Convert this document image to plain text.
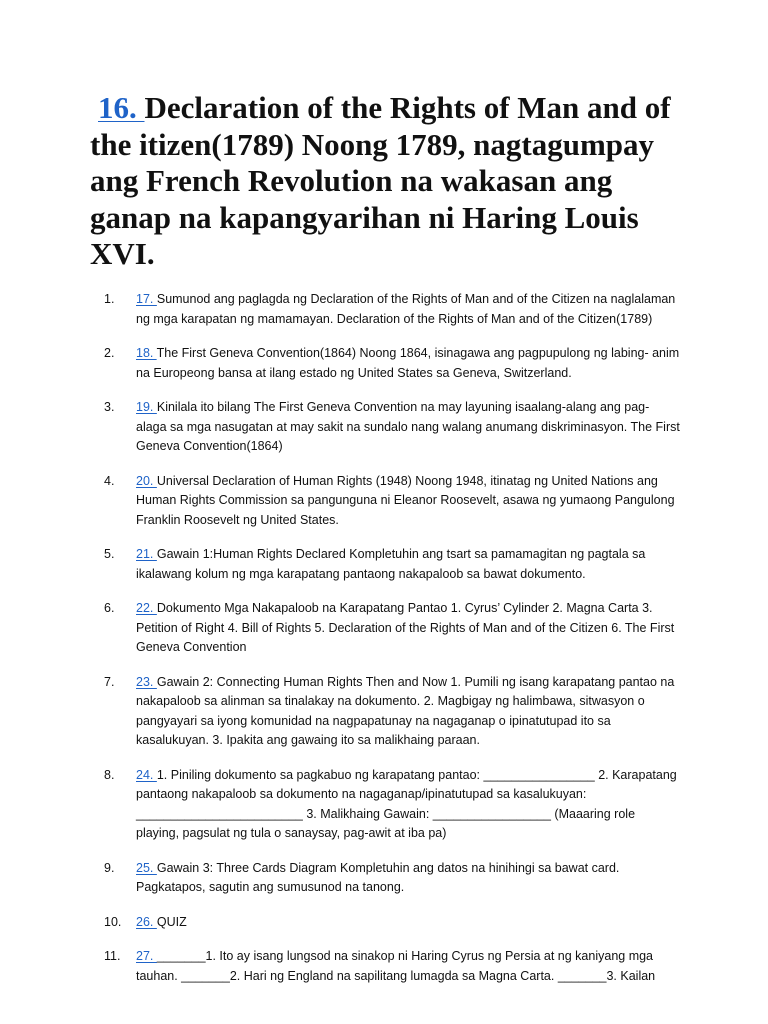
16. Declaration of the Rights of Man and of the itizen(1789) Noong 1789, nagtagumpay ang French Revolution na wakasan ang ganap na kapangyarihan ni Haring Louis XVI.
1. 17. Sumunod ang paglagda ng Declaration of the Rights of Man and of the Citizen na naglalaman ng mga karapatan ng mamamayan. Declaration of the Rights of Man and of the Citizen(1789)
2. 18. The First Geneva Convention(1864) Noong 1864, isinagawa ang pagpupulong ng labing- anim na Europeong bansa at ilang estado ng United States sa Geneva, Switzerland.
3. 19. Kinilala ito bilang The First Geneva Convention na may layuning isaalang-alang ang pag- alaga sa mga nasugatan at may sakit na sundalo nang walang anumang diskriminasyon. The First Geneva Convention(1864)
4. 20. Universal Declaration of Human Rights (1948) Noong 1948, itinatag ng United Nations ang Human Rights Commission sa pangunguna ni Eleanor Roosevelt, asawa ng yumaong Pangulong Franklin Roosevelt ng United States.
5. 21. Gawain 1:Human Rights Declared Kompletuhin ang tsart sa pamamagitan ng pagtala sa ikalawang kolum ng mga karapatang pantaong nakapaloob sa bawat dokumento.
6. 22. Dokumento Mga Nakapaloob na Karapatang Pantao 1. Cyrus’ Cylinder 2. Magna Carta 3. Petition of Right 4. Bill of Rights 5. Declaration of the Rights of Man and of the Citizen 6. The First Geneva Convention
7. 23. Gawain 2: Connecting Human Rights Then and Now 1. Pumili ng isang karapatang pantao na nakapaloob sa alinman sa tinalakay na dokumento. 2. Magbigay ng halimbawa, sitwasyon o pangyayari sa iyong komunidad na nagpapatunay na nagaganap o ipinatutupad ito sa kasalukuyan. 3. Ipakita ang gawaing ito sa malikhaing paraan.
8. 24. 1. Piniling dokumento sa pagkabuo ng karapatang pantao: ________________ 2. Karapatang pantaong nakapaloob sa dokumento na nagaganap/ipinatutupad sa kasalukuyan: ________________________ 3. Malikhaing Gawain: _________________ (Maaaring role playing, pagsulat ng tula o sanaysay, pag-awit at iba pa)
9. 25. Gawain 3: Three Cards Diagram Kompletuhin ang datos na hinihingi sa bawat card. Pagkatapos, sagutin ang sumusunod na tanong.
10. 26. QUIZ
11. 27. _______1. Ito ay isang lungsod na sinakop ni Haring Cyrus ng Persia at ng kaniyang mga tauhan. _______2. Hari ng England na sapilitang lumagda sa Magna Carta. _______3. Kailan
